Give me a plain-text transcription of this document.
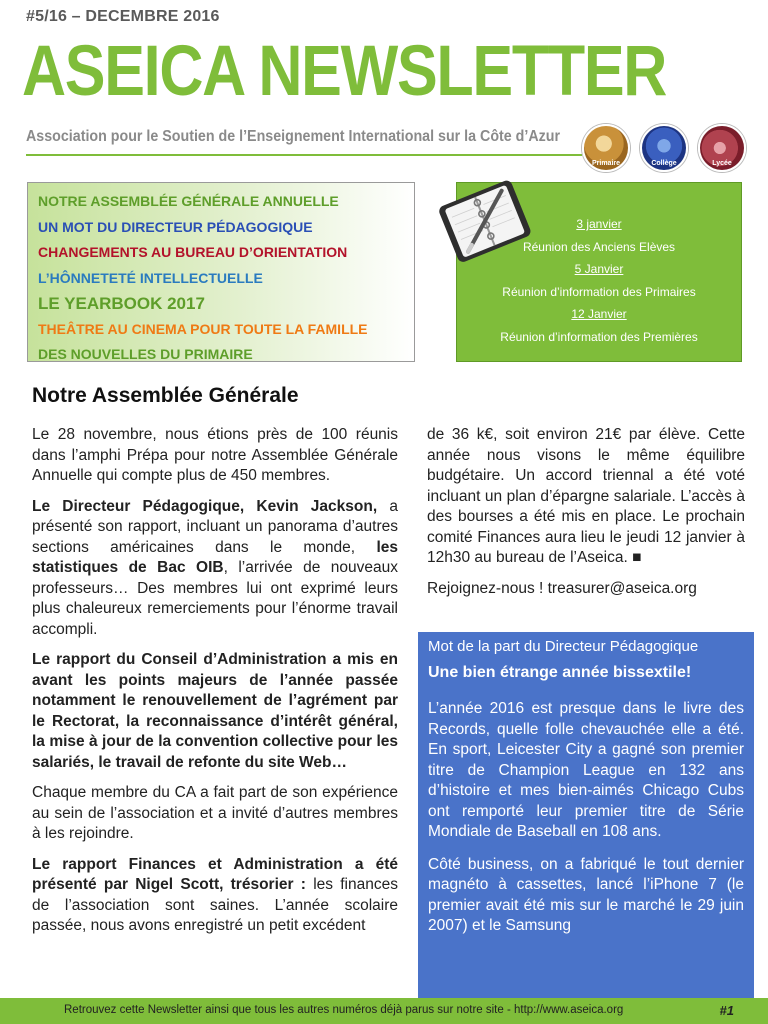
#5/16 – DECEMBRE 2016
ASEICA NEWSLETTER
Association pour le Soutien de l’Enseignement International sur la Côte d’Azur
Primaire	Collège	Lycée
NOTRE ASSEMBLÉE GÉNÉRALE ANNUELLE
UN MOT DU DIRECTEUR PÉDAGOGIQUE
CHANGEMENTS AU BUREAU D’ORIENTATION
L’HÔNNETETÉ INTELLECTUELLE
LE YEARBOOK 2017
THEÂTRE AU CINEMA POUR TOUTE LA FAMILLE
DES NOUVELLES DU PRIMAIRE
3 janvier
Réunion des Anciens Elèves
5 Janvier
Réunion d’information des Primaires
12 Janvier
Réunion d’information des Premières
Notre Assemblée Générale

Le 28 novembre, nous étions près de 100 réunis dans l’amphi Prépa pour notre Assemblée Générale Annuelle qui compte plus de 450 membres.

Le Directeur Pédagogique, Kevin Jackson, a présenté son rapport, incluant un panorama d’autres sections américaines dans le monde, les statistiques de Bac OIB, l’arrivée de nouveaux professeurs… Des membres lui ont exprimé leurs plus chaleureux remerciements pour l’énorme travail accompli.

Le rapport du Conseil d’Administration a mis en avant les points majeurs de l’année passée notamment le renouvellement de l’agrément par le Rectorat, la reconnaissance d’intérêt général, la mise à jour de la convention collective pour les salariés, le travail de refonte du site Web…

Chaque membre du CA a fait part de son expérience au sein de l’association et a invité d’autres membres à les rejoindre.

Le rapport Finances et Administration a été présenté par Nigel Scott, trésorier : les finances de l’association sont saines. L’année scolaire passée, nous avons enregistré un petit excédent

de 36 k€, soit environ 21€ par élève. Cette année nous visons le même équilibre budgétaire. Un accord triennal a été voté incluant un plan d’épargne salariale. L’accès à des bourses a été mis en place. Le prochain comité Finances aura lieu le jeudi 12 janvier à 12h30 au bureau de l’Aseica. ■

Rejoignez-nous ! treasurer@aseica.org

Mot de la part du Directeur Pédagogique
Une bien étrange année bissextile!

L’année 2016 est presque dans le livre des Records, quelle folle chevauchée elle a été. En sport, Leicester City a gagné son premier titre de Champion League en 132 ans d’histoire et mes bien-aimés Chicago Cubs ont remporté leur premier titre de Série Mondiale de Baseball en 108 ans.

Côté business, on a fabriqué le tout dernier magnéto à cassettes, lancé l’iPhone 7 (le premier avait été mis sur le marché le 29 juin 2007) et le Samsung

Retrouvez cette Newsletter ainsi que tous les autres numéros déjà parus sur notre site - http://www.aseica.org	#1
